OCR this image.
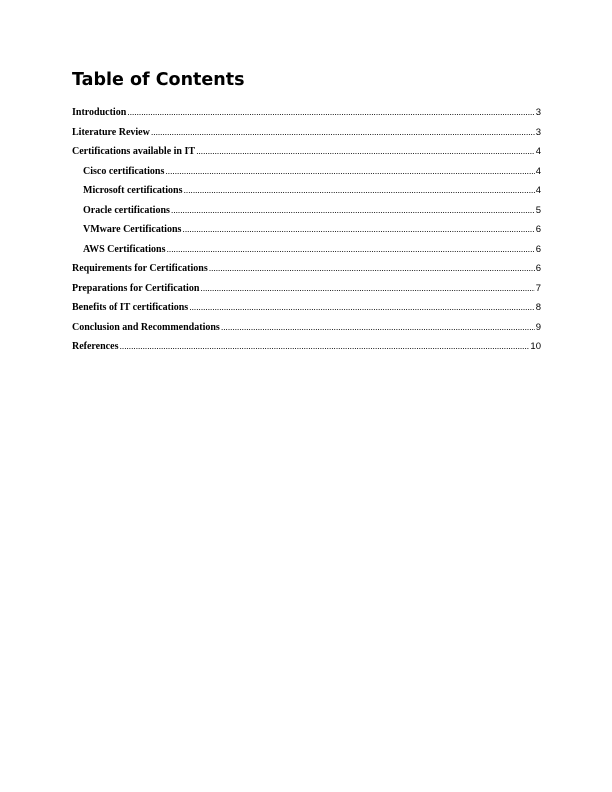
Table of Contents
Introduction .....	3
Literature Review .....	3
Certifications available in IT .....	4
Cisco certifications .....	4
Microsoft certifications .....	4
Oracle certifications .....	5
VMware Certifications .....	6
AWS Certifications .....	6
Requirements for Certifications .....	6
Preparations for Certification .....	7
Benefits of IT certifications .....	8
Conclusion and Recommendations .....	9
References .....	10
